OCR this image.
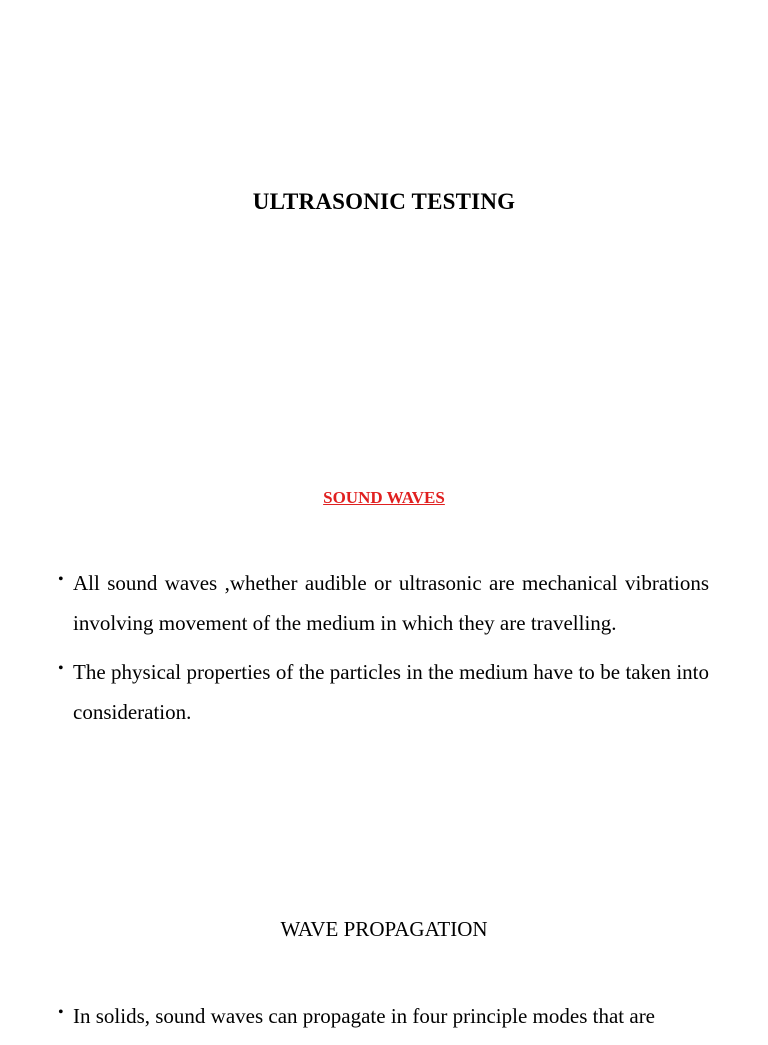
ULTRASONIC TESTING
SOUND WAVES
• All sound waves ,whether audible or ultrasonic are mechanical vibrations involving movement of the medium in which they are travelling.
• The physical properties of the particles in the medium have to be taken into consideration.
WAVE PROPAGATION
• In solids, sound waves can propagate in four principle modes that are
